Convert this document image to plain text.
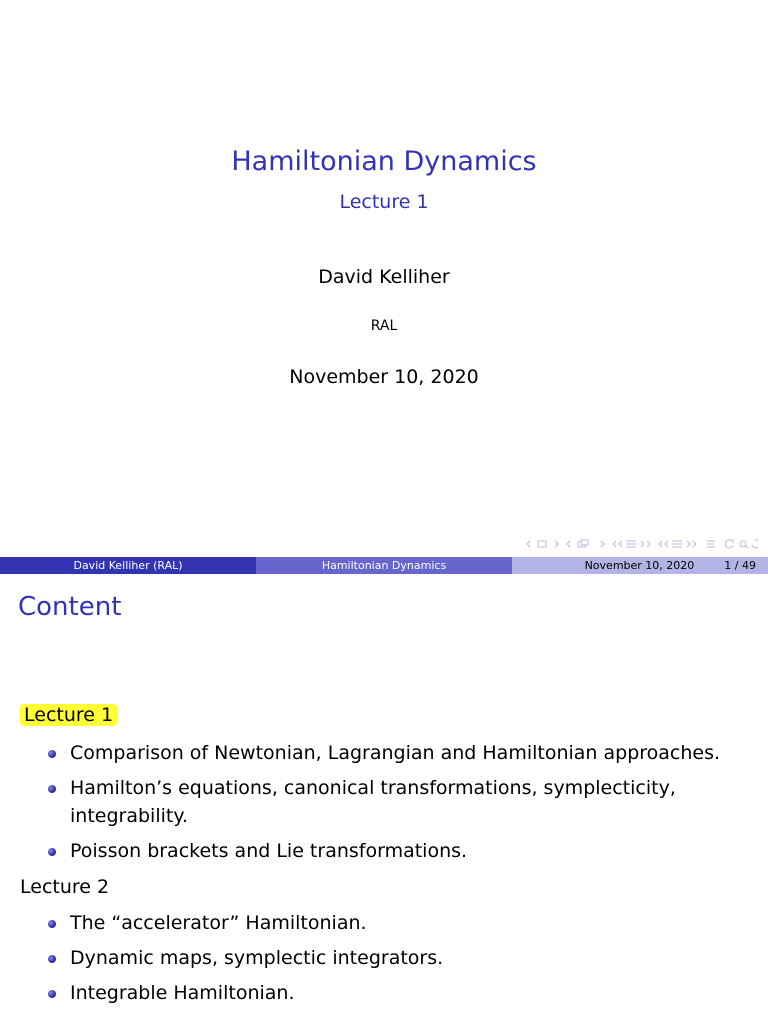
Hamiltonian Dynamics
Lecture 1
David Kelliher
RAL
November 10, 2020
David Kelliher (RAL)	Hamiltonian Dynamics	November 10, 2020	1 / 49
Content
Lecture 1
Comparison of Newtonian, Lagrangian and Hamiltonian approaches.
Hamilton’s equations, canonical transformations, symplecticity, integrability.
Poisson brackets and Lie transformations.
Lecture 2
The “accelerator” Hamiltonian.
Dynamic maps, symplectic integrators.
Integrable Hamiltonian.
